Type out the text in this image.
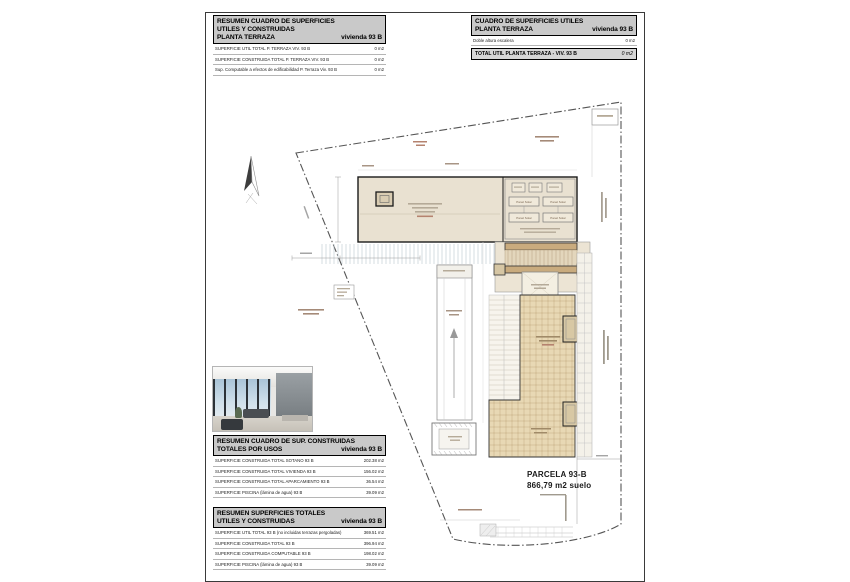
Panel Solar	Panel Solar
Panel Solar	Panel Solar
PARCELA 93-B
866,79 m2 suelo
RESUMEN CUADRO DE SUPERFICIES
UTILES Y CONSTRUIDAS
PLANTA TERRAZA	vivienda 93 B
SUPERFICIE UTIL TOTAL P. TERRAZA VIV. 93 B	0 m2
SUPERFICIE CONSTRUIDA TOTAL P. TERRAZA VIV. 93 B	0 m2
Sup. Computable a efectos de edificabilidad P. Terraza Viv. 93 B	0 m2
CUADRO DE SUPERFICIES UTILES
PLANTA TERRAZA	vivienda 93 B
Doble altura escalera	0 m2
TOTAL UTIL PLANTA TERRAZA - VIV. 93 B	0 m2
RESUMEN CUADRO DE SUP. CONSTRUIDAS
TOTALES POR USOS	vivienda 93 B
SUPERFICIE CONSTRUIDA TOTAL SOTANO 93 B	202.38 m2
SUPERFICIE CONSTRUIDA TOTAL VIVIENDA 93 B	156.02 m2
SUPERFICIE CONSTRUIDA TOTAL APARCAMIENTO 93 B	36.54 m2
SUPERFICIE PISCINA (lámina de agua) 93 B	39.09 m2
RESUMEN SUPERFICIES TOTALES
UTILES Y CONSTRUIDAS	vivienda 93 B
SUPERFICIE UTIL TOTAL 93 B (no incluidas terrazas pergoladas)	369.51 m2
SUPERFICIE CONSTRUIDA TOTAL 93 B	396.94 m2
SUPERFICIE CONSTRUIDA COMPUTABLE 93 B	198.02 m2
SUPERFICIE PISCINA (lámina de agua) 93 B	39.09 m2
